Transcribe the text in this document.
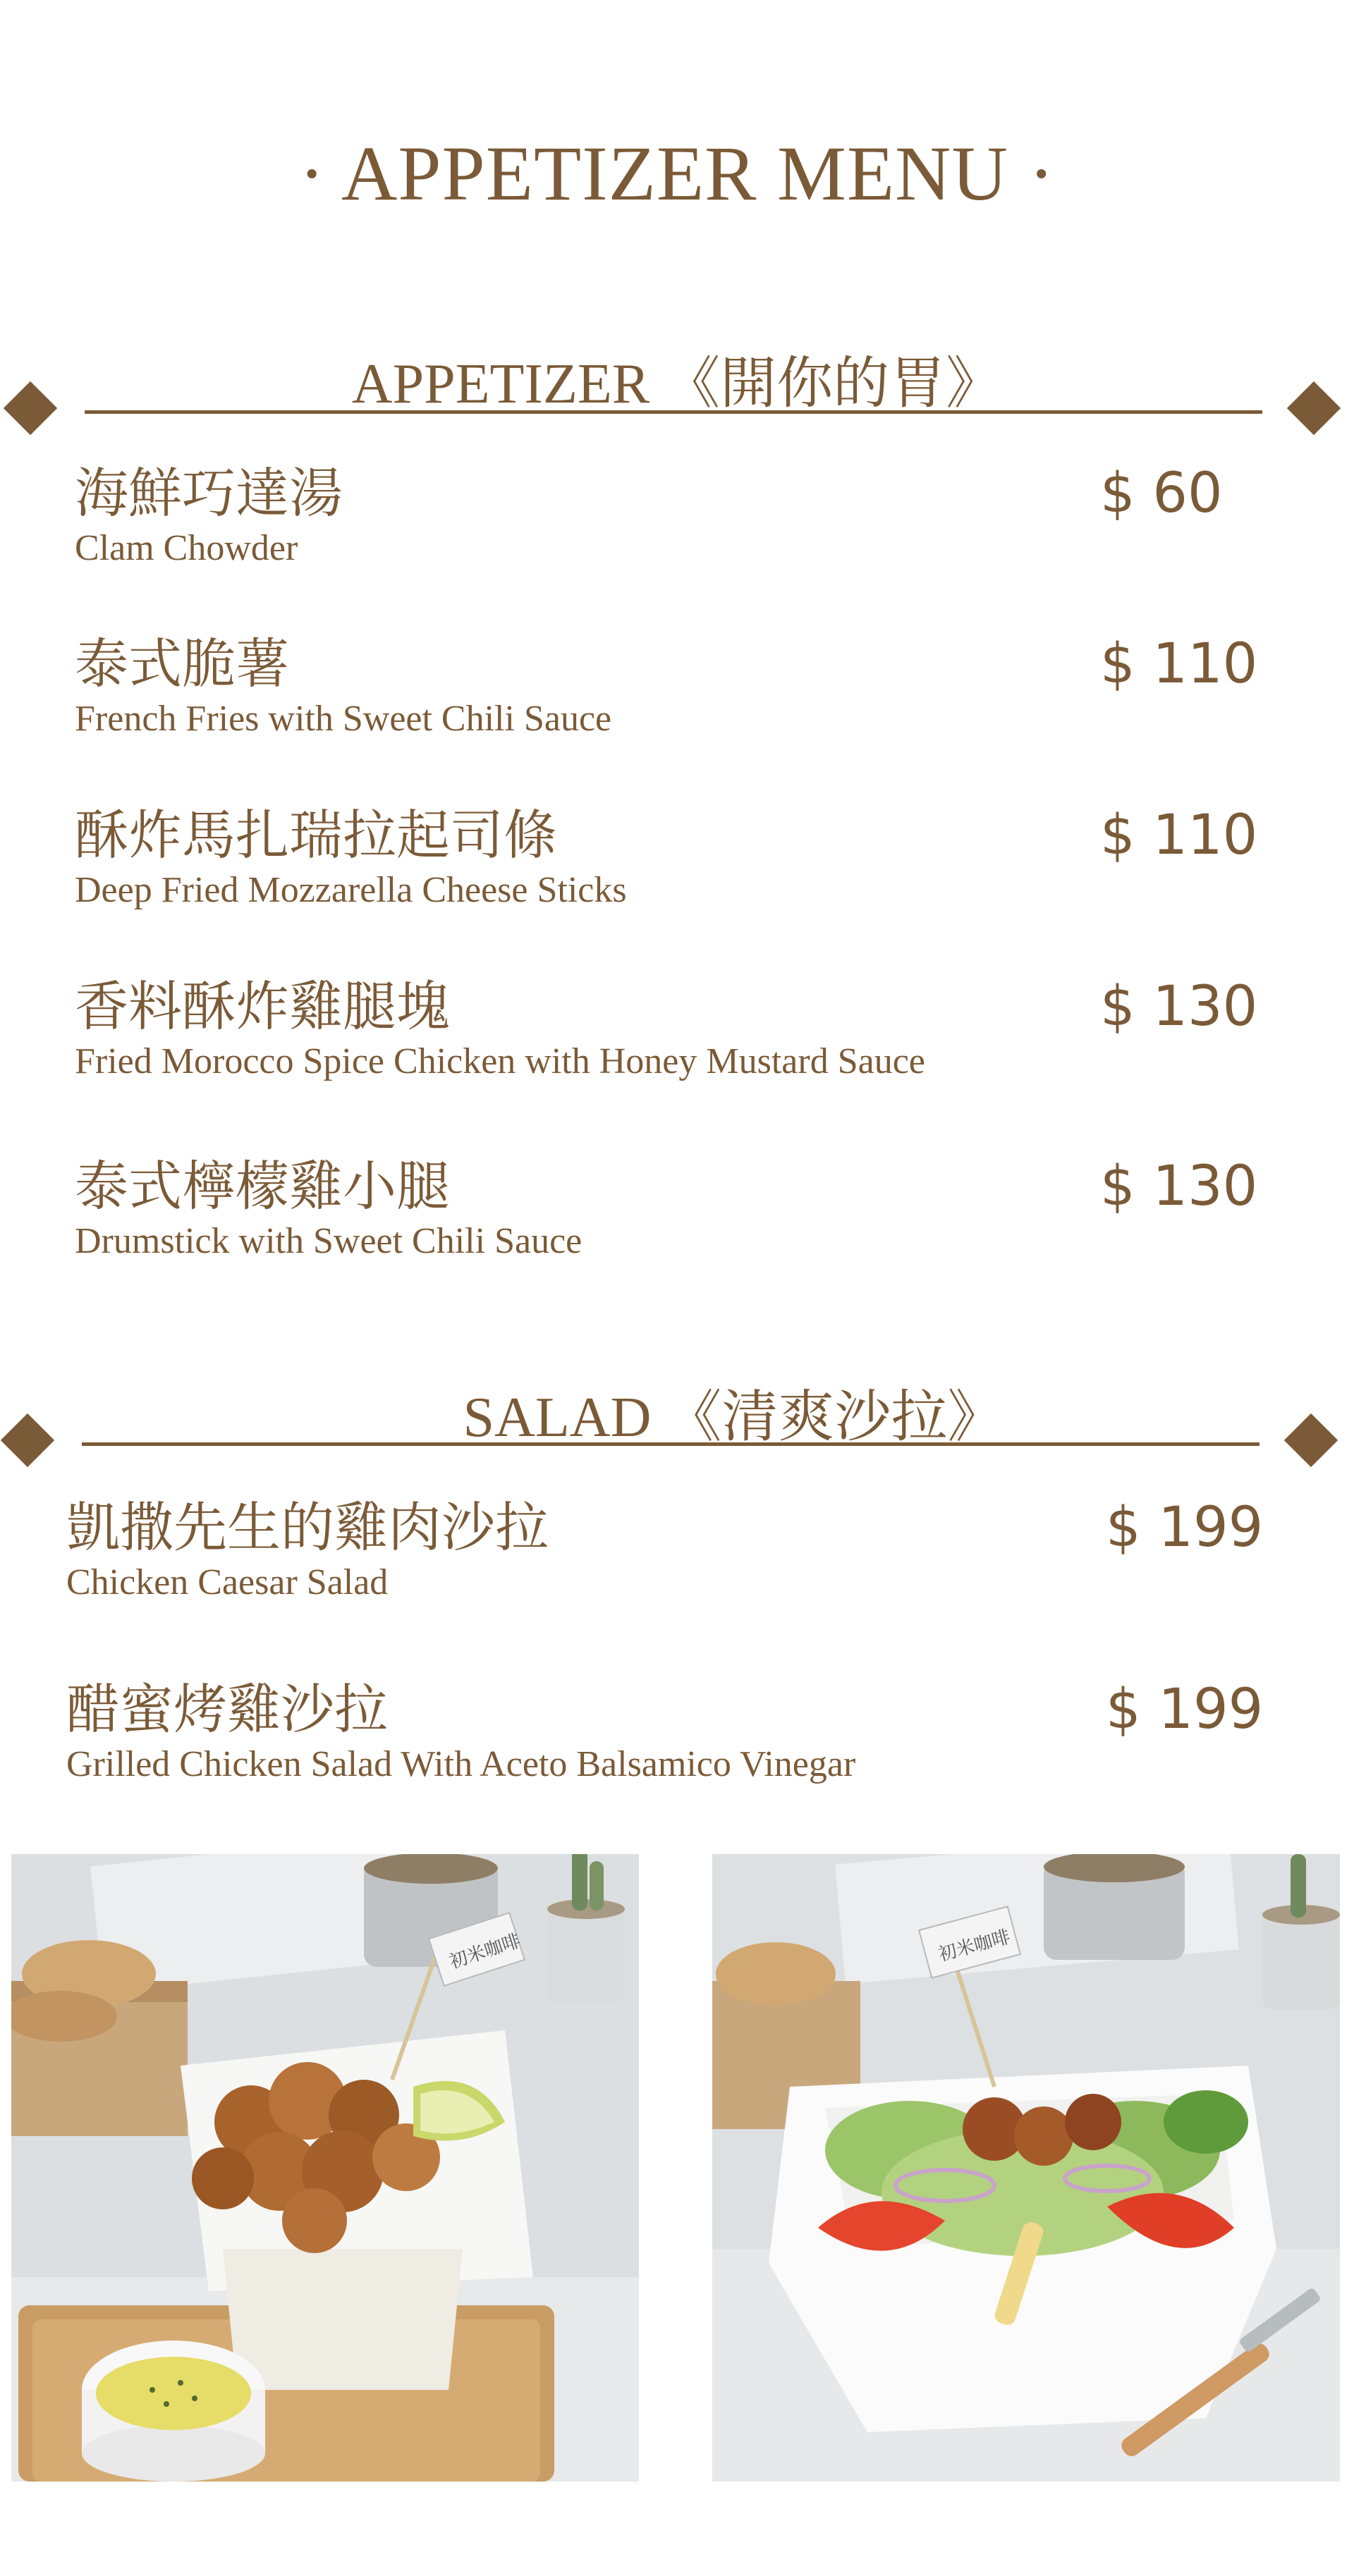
· APPETIZER MENU ·
APPETIZER 《開你的胃》
海鮮巧達湯
Clam Chowder
$ 60
泰式脆薯
French Fries with Sweet Chili Sauce
$ 110
酥炸馬扎瑞拉起司條
Deep Fried Mozzarella Cheese Sticks
$ 110
香料酥炸雞腿塊
Fried Morocco Spice Chicken with Honey Mustard Sauce
$ 130
泰式檸檬雞小腿
Drumstick with Sweet Chili Sauce
$ 130
SALAD 《清爽沙拉》
凱撒先生的雞肉沙拉
Chicken Caesar Salad
$ 199
醋蜜烤雞沙拉
Grilled Chicken Salad With Aceto Balsamico Vinegar
$ 199
初米咖啡	初米咖啡
